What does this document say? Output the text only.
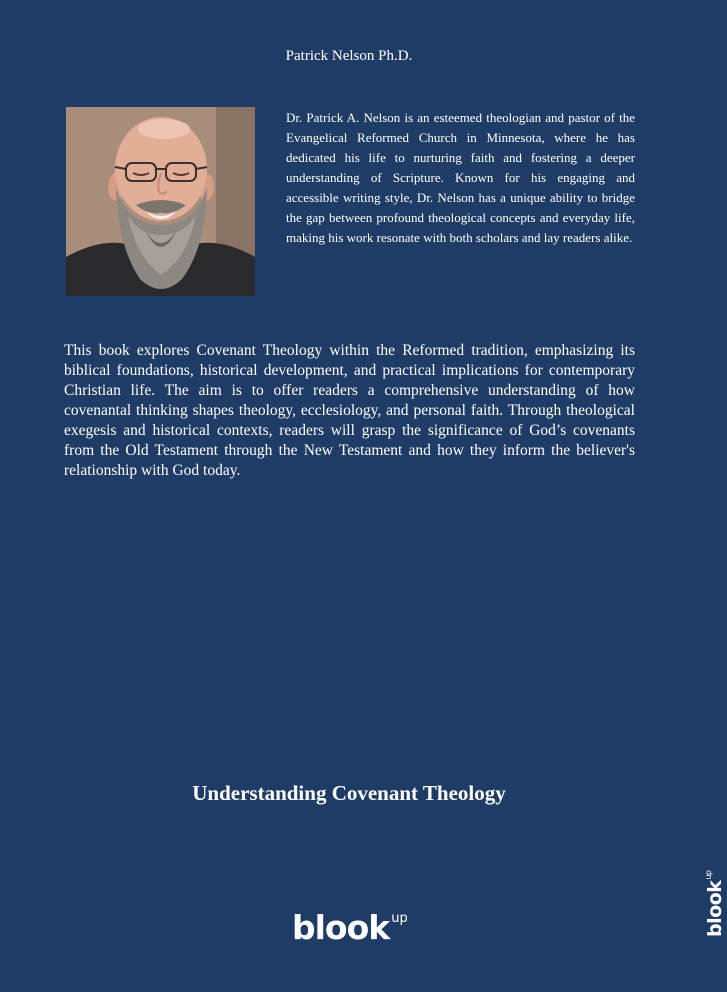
Patrick Nelson Ph.D.

Dr. Patrick A. Nelson is an esteemed theologian and pastor of the Evangelical Reformed Church in Minnesota, where he has dedicated his life to nurturing faith and fostering a deeper understanding of Scripture. Known for his engaging and accessible writing style, Dr. Nelson has a unique ability to bridge the gap between profound theological concepts and everyday life, making his work resonate with both scholars and lay readers alike.

This book explores Covenant Theology within the Reformed tradition, emphasizing its biblical foundations, historical development, and practical implications for contemporary Christian life. The aim is to offer readers a comprehensive understanding of how covenantal thinking shapes theology, ecclesiology, and personal faith. Through theological exegesis and historical contexts, readers will grasp the significance of God’s covenants from the Old Testament through the New Testament and how they inform the believer's relationship with God today.

Understanding Covenant Theology
blook $^{up}$	blook$^{up}$
